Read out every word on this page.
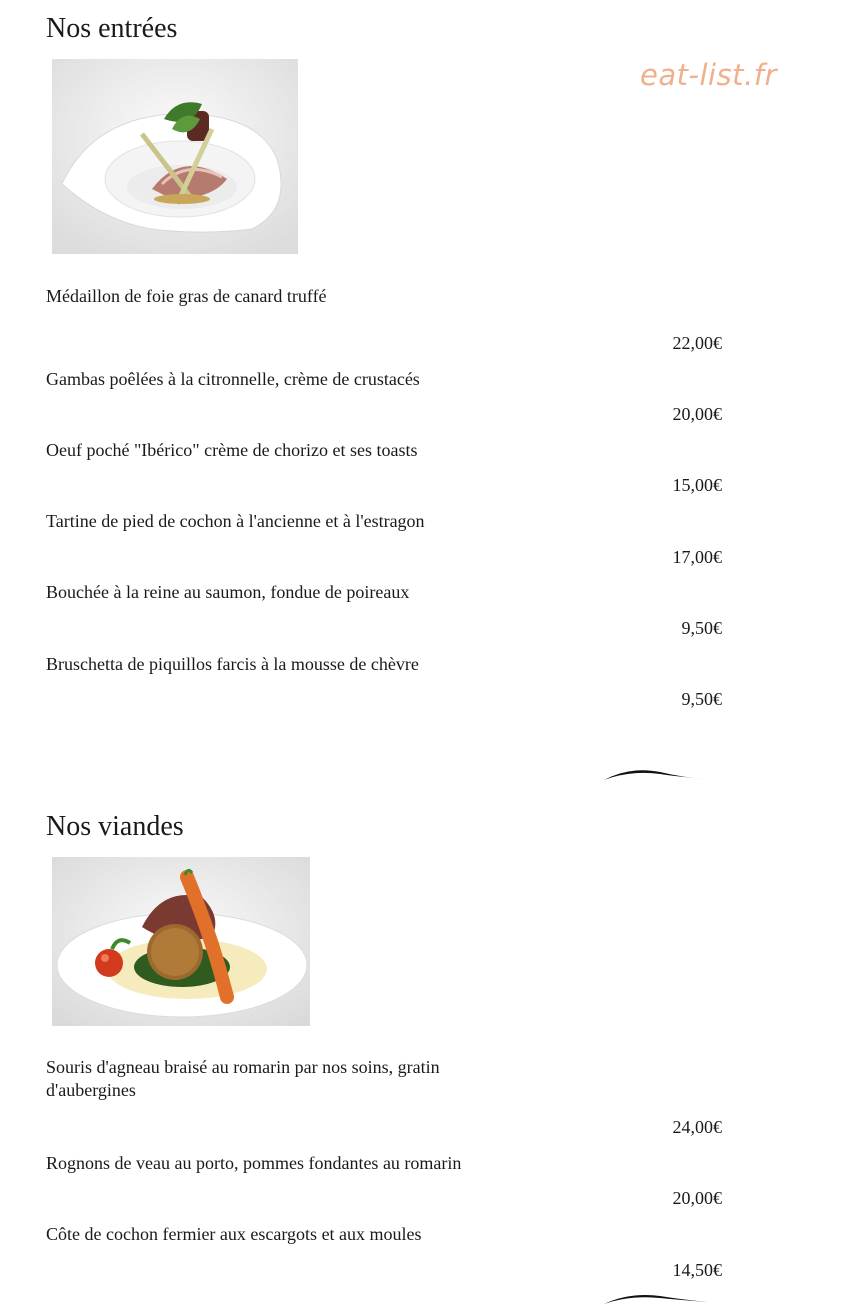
Nos entrées
eat-list.fr
Médaillon de foie gras de canard truffé
22,00€
Gambas poêlées à la citronnelle, crème de crustacés
20,00€
Oeuf poché "Ibérico" crème de chorizo et ses toasts
15,00€
Tartine de pied de cochon à l'ancienne et à l'estragon
17,00€
Bouchée à la reine au saumon, fondue de poireaux
9,50€
Bruschetta de piquillos farcis à la mousse de chèvre
9,50€
Nos viandes
Souris d'agneau braisé au romarin par nos soins, gratin d'aubergines
24,00€
Rognons de veau au porto, pommes fondantes au romarin
20,00€
Côte de cochon fermier aux escargots et aux moules
14,50€
